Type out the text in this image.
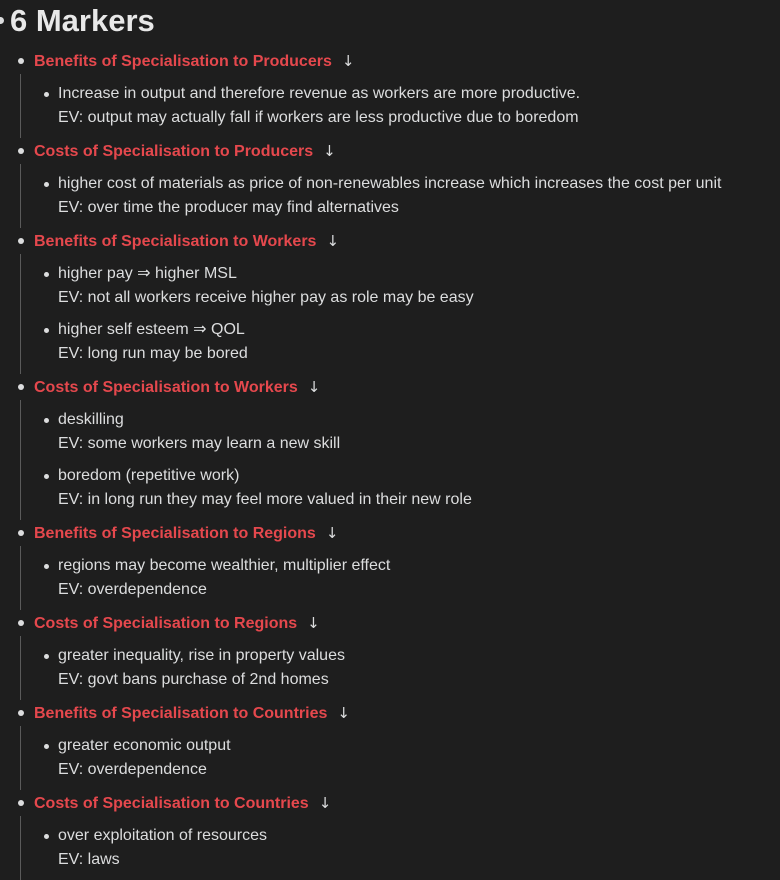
6 Markers
Benefits of Specialisation to Producers ↓
Increase in output and therefore revenue as workers are more productive.
EV: output may actually fall if workers are less productive due to boredom
Costs of Specialisation to Producers ↓
higher cost of materials as price of non-renewables increase which increases the cost per unit
EV: over time the producer may find alternatives
Benefits of Specialisation to Workers ↓
higher pay ⇒ higher MSL
EV: not all workers receive higher pay as role may be easy
higher self esteem ⇒ QOL
EV: long run may be bored
Costs of Specialisation to Workers ↓
deskilling
EV: some workers may learn a new skill
boredom (repetitive work)
EV: in long run they may feel more valued in their new role
Benefits of Specialisation to Regions ↓
regions may become wealthier, multiplier effect
EV: overdependence
Costs of Specialisation to Regions ↓
greater inequality, rise in property values
EV: govt bans purchase of 2nd homes
Benefits of Specialisation to Countries ↓
greater economic output
EV: overdependence
Costs of Specialisation to Countries ↓
over exploitation of resources
EV: laws
